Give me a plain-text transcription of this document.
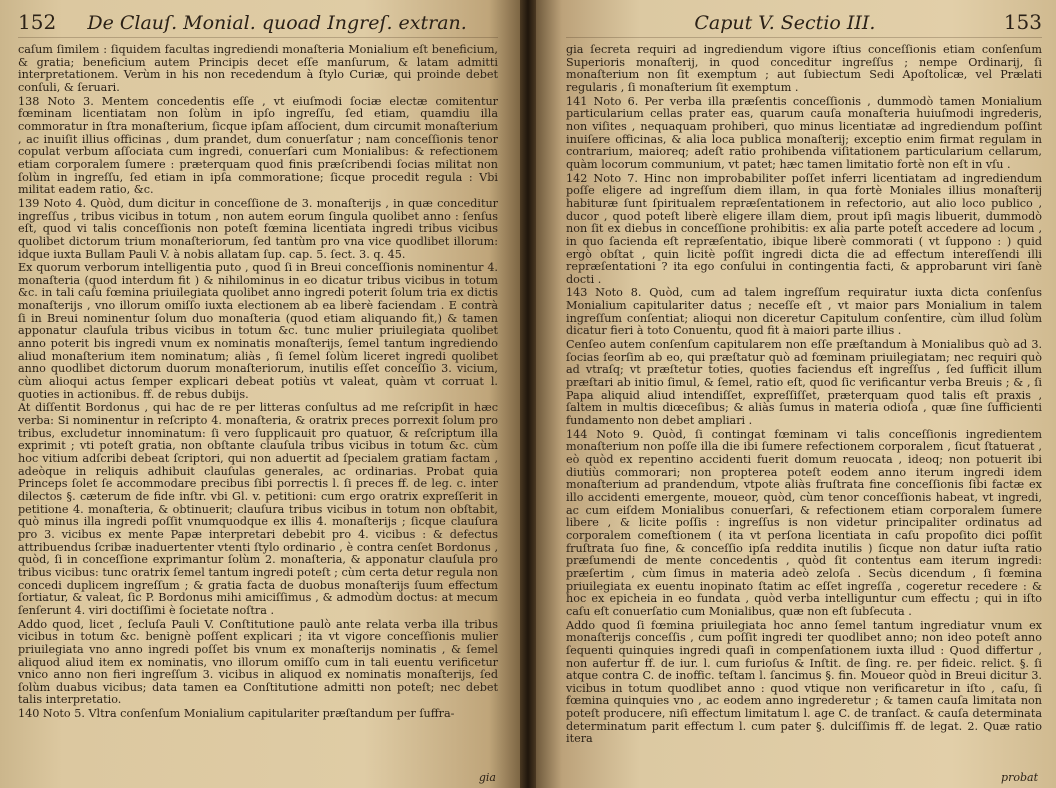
152	De Clauſ. Monial. quoad Ingreſ. extran.

caſum ſimilem : ſiquidem facultas ingrediendi monaſteria Monialium eſt beneficium, & gratia; beneficium autem Principis decet eſſe manſurum, & latam admitti interpretationem. Verùm in his non recedendum à ſtylo Curiæ, qui proinde debet conſuli, & ſeruari.

138 Noto 3. Mentem concedentis eſſe , vt eiuſmodi ſociæ electæ comitentur fœminam licentiatam non ſolùm in ipſo ingreſſu, ſed etiam, quamdiu illa commoratur in ſtra monaſterium, ſicque ipſam aſſocient, dum circumit monaſterium , ac inuiſit illius officinas , dum prandet, dum conuerſatur ; nam conceſſionis tenor copulat verbum aſſociata cum ingredi, conuerſari cum Monialibus: & refectionem etiam corporalem ſumere : præterquam quod finis præſcribendi ſocias militat non ſolùm in ingreſſu, ſed etiam in ipſa commoratione; ſicque procedit regula : Vbi militat eadem ratio, &c.

139 Noto 4. Quòd, dum dicitur in conceſſione de 3. monaſterijs , in quæ conceditur ingreſſus , tribus vicibus in totum , non autem eorum ſingula quolibet anno : ſenſus eſt, quod vi talis conceſſionis non poteſt fœmina licentiata ingredi tribus vicibus quolibet dictorum trium monaſteriorum, ſed tantùm pro vna vice quodlibet illorum: idque iuxta Bullam Pauli V. à nobis allatam ſup. cap. 5. ſect. 3. q. 45.

Ex quorum verborum intelligentia puto , quod ſi in Breui conceſſionis nominentur 4. monaſteria (quod interdum fit ) & nihilominus in eo dicatur tribus vicibus in totum &c. in tali caſu fœmina priuilegiata quolibet anno ingredi poterit ſolum tria ex dictis monaſterijs , vno illorum omiſſo iuxta electionem ab ea liberè faciendam . E contrà ſi in Breui nominentur ſolum duo monaſteria (quod etiam aliquando fit,) & tamen apponatur clauſula tribus vicibus in totum &c. tunc mulier priuilegiata quolibet anno poterit bis ingredi vnum ex nominatis monaſterijs, ſemel tantum ingrediendo aliud monaſterium item nominatum; aliàs , ſi ſemel ſolùm liceret ingredi quolibet anno quodlibet dictorum duorum monaſteriorum, inutilis eſſet conceſſio 3. vicium, cùm alioqui actus ſemper explicari debeat potiùs vt valeat, quàm vt corruat l. quoties in actionibus. ff. de rebus dubijs.

At diſſentit Bordonus , qui hac de re per litteras conſultus ad me reſcripſit in hæc verba: Si nominentur in reſcripto 4. monaſteria, & oratrix preces porrexit ſolum pro tribus, excludetur innominatum: ſi vero ſupplicauit pro quatuor, & reſcriptum illa exprimit ; vti poteſt gratia, non obſtante clauſula tribus vicibus in totum &c. cùm hoc vitium adſcribi debeat ſcriptori, qui non aduertit ad ſpecialem gratiam factam , adeòque in reliquis adhibuit clauſulas generales, ac ordinarias. Probat quia Princeps ſolet ſe accommodare precibus ſibi porrectis l. ſi preces ff. de leg. c. inter dilectos §. cæterum de fide inſtr. vbi Gl. v. petitioni: cum ergo oratrix expreſſerit in petitione 4. monaſteria, & obtinuerit; clauſura tribus vicibus in totum non obſtabit, quò minus illa ingredi poſſit vnumquodque ex illis 4. monaſterijs ; ſicque clauſura pro 3. vicibus ex mente Papæ interpretari debebit pro 4. vicibus : & defectus attribuendus ſcribæ inaduertenter vtenti ſtylo ordinario , è contra cenſet Bordonus , quòd, ſi in conceſſione exprimantur ſolùm 2. monaſteria, & apponatur clauſula pro tribus vicibus: tunc oratrix ſemel tantum ingredi poteſt ; cùm certa detur regula non concedi duplicem ingreſſum ; & gratia facta de duobus monaſterijs ſuum effectum ſortiatur, & valeat, ſic P. Bordonus mihi amiciſſimus , & admodùm doctus: at mecum ſenſerunt 4. viri doctiſſimi è ſocietate noſtra .

Addo quod, licet , ſecluſa Pauli V. Conſtitutione paulò ante relata verba illa tribus vicibus in totum &c. benignè poſſent explicari ; ita vt vigore conceſſionis mulier priuilegiata vno anno ingredi poſſet bis vnum ex monaſterijs nominatis , & ſemel aliquod aliud item ex nominatis, vno illorum omiſſo cum in tali euentu verificetur vnico anno non fieri ingreſſum 3. vicibus in aliquod ex nominatis monaſterijs, ſed ſolùm duabus vicibus; data tamen ea Conſtitutione admitti non poteſt; nec debet talis interpretatio.

140 Noto 5. Vltra conſenſum Monialium capitulariter præſtandum per ſuffra-

gia
Caput V. Sectio III.	153

gia ſecreta requiri ad ingrediendum vigore iſtius conceſſionis etiam conſenſum Superioris monaſterij, in quod conceditur ingreſſus ; nempe Ordinarij, ſi monaſterium non ſit exemptum ; aut ſubiectum Sedi Apoſtolicæ, vel Prælati regularis , ſi monaſterium ſit exemptum .

141 Noto 6. Per verba illa præſentis conceſſionis , dummodò tamen Monialium particularium cellas prater eas, quarum cauſa monaſteria huiuſmodi ingrederis, non viſites , nequaquam prohiberi, quo minus licentiatæ ad ingrediendum poſſint inuiſere officinas, & alia loca publica monaſterij; exceptio enim firmat regulam in contrarium, maioreq; adeſt ratio prohibenda viſitationem particularium cellarum, quàm locorum communium, vt patet; hæc tamen limitatio fortè non eſt in vſu .

142 Noto 7. Hinc non improbabiliter poſſet inferri licentiatam ad ingrediendum poſſe eligere ad ingreſſum diem illam, in qua fortè Moniales illius monaſterij habituræ ſunt ſpiritualem repræſentationem in refectorio, aut alio loco publico , ducor , quod poteſt liberè eligere illam diem, prout ipſi magis libuerit, dummodò non ſit ex diebus in conceſſione prohibitis: ex alia parte poteſt accedere ad locum , in quo ſaciendа eſt repræſentatio, ibique liberè commorati ( vt ſuppono : ) quid ergò obſtat , quin licitè poſſit ingredi dicta die ad effectum intereſſendi illi repræſentationi ? ita ego conſului in contingentia facti, & approbarunt viri ſanè docti .

143 Noto 8. Quòd, cum ad talem ingreſſum requiratur iuxta dicta conſenſus Monialium capitulariter datus ; neceſſe eſt , vt maior pars Monialium in talem ingreſſum conſentiat; alioqui non diceretur Capitulum conſentire, cùm illud ſolùm dicatur fieri à toto Conuentu, quod fit à maiori parte illius .

Cenſeo autem conſenſum capitularem non eſſe præſtandum à Monialibus quò ad 3. ſocias ſeorſim ab eo, qui præſtatur quò ad fœminam priuilegiatam; nec requiri quò ad vtraſq; vt præſtetur toties, quoties faciendus eſt ingreſſus , ſed ſufficit illum præſtari ab initio ſimul, & ſemel, ratio eſt, quod ſic verificantur verba Breuis ; & , ſi Papa aliquid aliud intendiſſet, expreſſiſſet, præterquam quod talis eſt praxis , ſaltem in multis diœceſibus; & aliàs ſumus in materia odioſa , quæ ſine ſufficienti fundamento non debet ampliari .

144 Noto 9. Quòd, ſi contingat fœminam vi talis conceſſionis ingredientem monaſterium non poſſe illa die ibi ſumere refectionem corporalem , ſicut ſtatuerat , eò quòd ex repentino accidenti fuerit domum reuocata , ideoq; non potuerit ibi diutiùs commorari; non propterea poteſt eodem anno iterum ingredi idem monaſterium ad prandendum, vtpote aliàs fruſtrata fine conceſſionis ſibi factæ ex illo accidenti emergente, moueor, quòd, cùm tenor conceſſionis habeat, vt ingredi, ac cum eiſdem Monialibus conuerſari, & refectionem etiam corporalem ſumere libere , & licite poſſis : ingreſſus is non videtur principaliter ordinatus ad corporalem comeſtionem ( ita vt perſona licentiata in caſu propoſito dici poſſit fruſtrata ſuo fine, & conceſſio ipſa reddita inutilis ) ſicque non datur iuſta ratio præſumendi de mente concedentis , quòd ſit contentus eam iterum ingredi: præſertim , cùm ſimus in materia adeò zeloſa . Secùs dicendum , ſi fœmina priuilegiata ex euentu inopinato ſtatim ac eſſet ingreſſa , cogeretur recedere : & hoc ex epicheia in eo fundata , quòd verba intelliguntur cum effectu ; qui in iſto caſu eſt conuerſatio cum Monialibus, quæ non eſt ſubſecuta .

Addo quod ſi fœmina priuilegiata hoc anno ſemel tantum ingrediatur vnum ex monaſterijs conceſſis , cum poſſit ingredi ter quodlibet anno; non ideo poteſt anno ſequenti quinquies ingredi quaſi in compenſationem iuxta illud : Quod differtur , non aufertur ff. de iur. l. cum furioſus & Inſtit. de ſing. re. per fideic. relict. §. ſi atque contra C. de inoffic. teſtam l. ſancimus §. fin. Moueor quòd in Breui dicitur 3. vicibus in totum quodlibet anno : quod vtique non verificaretur in iſto , caſu, ſi fœmina quinquies vno , ac eodem anno ingrederetur ; & tamen cauſa limitata non poteſt producere, niſi effectum limitatum l. age C. de tranſact. & cauſa determinata determinatum parit effectum l. cum pater §. dulciſſimis ff. de legat. 2. Quæ ratio itera

probat
